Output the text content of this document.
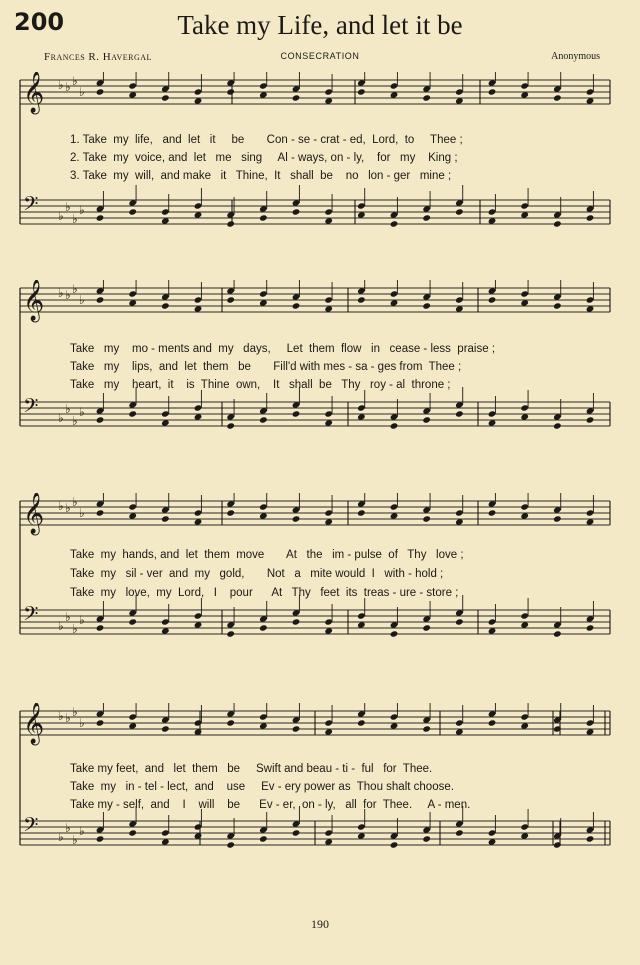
200	Take my Life, and let it be
Frances R. Havergal	CONSECRATION	Anonymous
𝄞 ♭ ♭ ♭
♭
𝄢 ♭
♭
♭
♭
1. Take  my  life,   and  let   it     be       Con - se - crat - ed,  Lord,  to     Thee ;
2. Take  my  voice, and  let   me   sing     Al - ways, on - ly,    for   my    King ;
3. Take  my  will,  and make   it   Thine,  It   shall  be    no   lon - ger   mine ;
𝄞 ♭ ♭ ♭
♭
𝄢 ♭
♭
♭
♭
Take   my    mo - ments and  my   days,     Let  them  flow   in   cease - less  praise ;
Take   my    lips,  and  let  them   be       Fill'd with mes - sa - ges from  Thee ;
Take   my    heart,  it    is  Thine  own,    It   shall  be   Thy   roy - al  throne ;
𝄞 ♭ ♭ ♭
♭
𝄢 ♭
♭
♭
♭
Take  my  hands, and  let  them  move       At   the   im - pulse  of   Thy   love ;
Take  my   sil - ver  and  my   gold,       Not   a   mite would  I   with - hold ;
Take  my   love,  my  Lord,   I    pour      At   Thy   feet  its  treas - ure - store ;
𝄞 ♭ ♭ ♭
♭
𝄢 ♭
♭
♭
♭
Take my feet,  and   let  them   be     Swift and beau - ti -  ful   for  Thee.
Take  my   in - tel - lect,  and    use     Ev - ery power as  Thou shalt choose.
Take my - self,  and    I    will    be      Ev - er,  on - ly,   all  for  Thee.     A - men.
190
